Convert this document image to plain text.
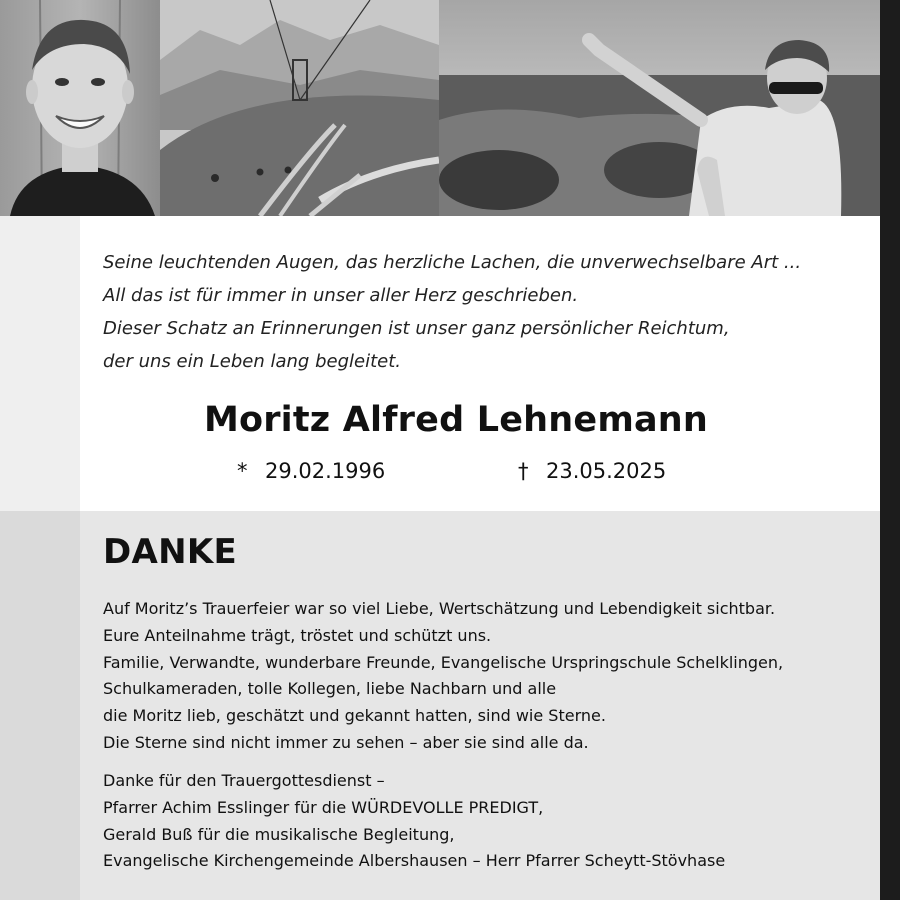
Seine leuchtenden Augen, das herzliche Lachen, die unverwechselbare Art ...

All das ist für immer in unser aller Herz geschrieben.

Dieser Schatz an Erinnerungen ist unser ganz persönlicher Reichtum,

der uns ein Leben lang begleitet.

Moritz Alfred Lehnemann
* 29.02.1996	† 23.05.2025
DANKE

Auf Moritz’s Trauerfeier war so viel Liebe, Wertschätzung und Lebendigkeit sichtbar.

Eure Anteilnahme trägt, tröstet und schützt uns.

Familie, Verwandte, wunderbare Freunde, Evangelische Urspringschule Schelklingen,

Schulkameraden, tolle Kollegen, liebe Nachbarn und alle

die Moritz lieb, geschätzt und gekannt hatten, sind wie Sterne.

Die Sterne sind nicht immer zu sehen – aber sie sind alle da.

Danke für den Trauergottesdienst –

Pfarrer Achim Esslinger für die WÜRDEVOLLE PREDIGT,

Gerald Buß für die musikalische Begleitung,

Evangelische Kirchengemeinde Albershausen – Herr Pfarrer Scheytt-Stövhase
